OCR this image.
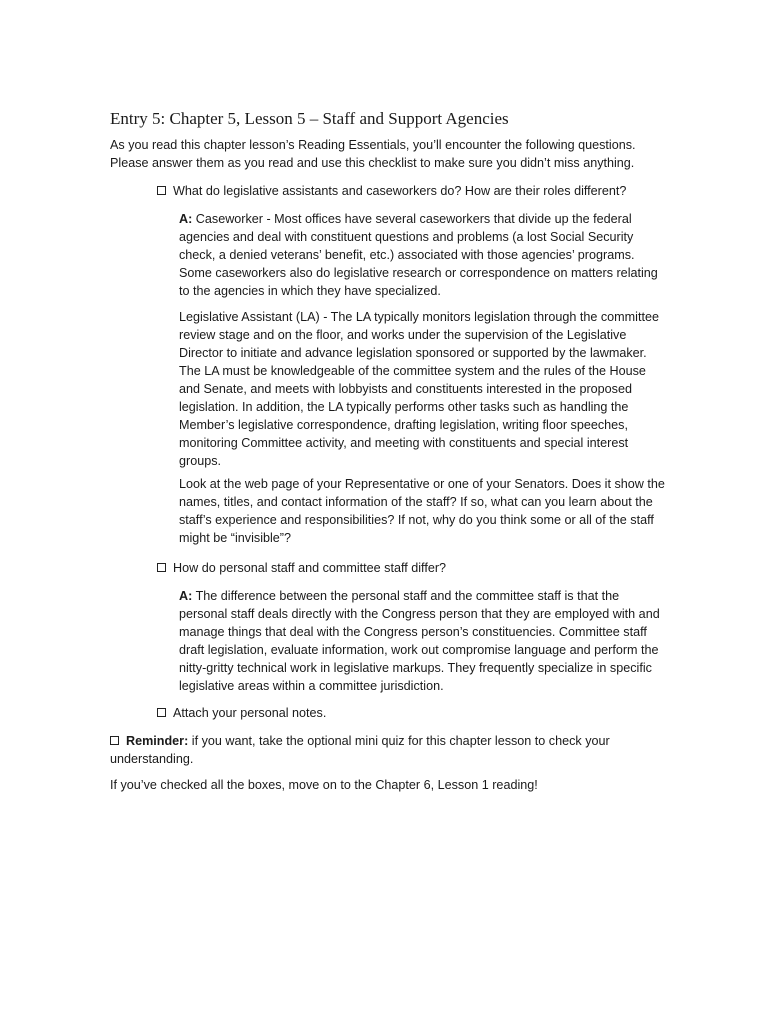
Entry 5: Chapter 5, Lesson 5 – Staff and Support Agencies

As you read this chapter lesson’s Reading Essentials, you’ll encounter the following questions. Please answer them as you read and use this checklist to make sure you didn’t miss anything.

What do legislative assistants and caseworkers do? How are their roles different?

A: Caseworker - Most offices have several caseworkers that divide up the federal agencies and deal with constituent questions and problems (a lost Social Security check, a denied veterans’ benefit, etc.) associated with those agencies’ programs. Some caseworkers also do legislative research or correspondence on matters relating to the agencies in which they have specialized.

Legislative Assistant (LA) - The LA typically monitors legislation through the committee review stage and on the floor, and works under the supervision of the Legislative Director to initiate and advance legislation sponsored or supported by the lawmaker. The LA must be knowledgeable of the committee system and the rules of the House and Senate, and meets with lobbyists and constituents interested in the proposed legislation. In addition, the LA typically performs other tasks such as handling the Member’s legislative correspondence, drafting legislation, writing floor speeches, monitoring Committee activity, and meeting with constituents and special interest groups.

Look at the web page of your Representative or one of your Senators. Does it show the names, titles, and contact information of the staff? If so, what can you learn about the staff’s experience and responsibilities? If not, why do you think some or all of the staff might be “invisible”?

How do personal staff and committee staff differ?

A: The difference between the personal staff and the committee staff is that the personal staff deals directly with the Congress person that they are employed with and manage things that deal with the Congress person’s constituencies. Committee staff draft legislation, evaluate information, work out compromise language and perform the nitty-gritty technical work in legislative markups. They frequently specialize in specific legislative areas within a committee jurisdiction.

Attach your personal notes.

Reminder: if you want, take the optional mini quiz for this chapter lesson to check your understanding.

If you’ve checked all the boxes, move on to the Chapter 6, Lesson 1 reading!
